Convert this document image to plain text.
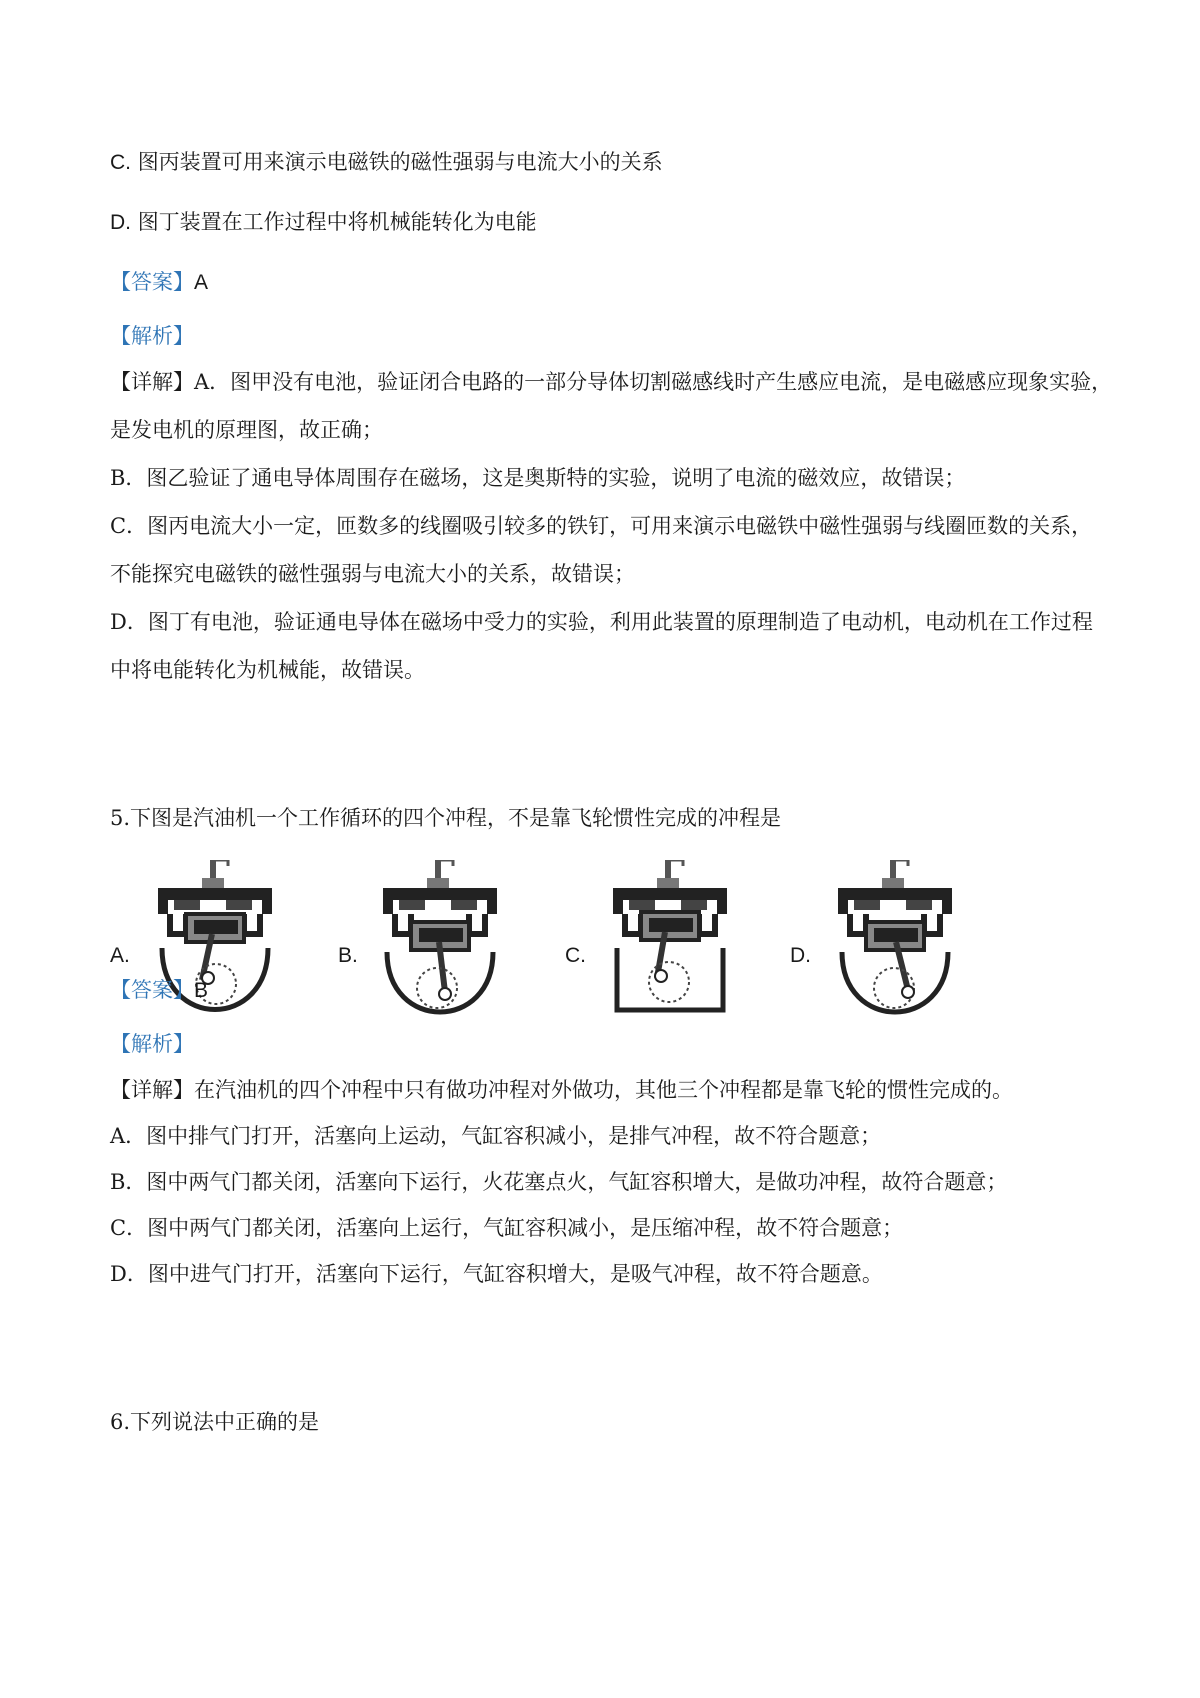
C. 图丙装置可用来演示电磁铁的磁性强弱与电流大小的关系
D. 图丁装置在工作过程中将机械能转化为电能
【答案】A
【解析】
【详解】A．图甲没有电池，验证闭合电路的一部分导体切割磁感线时产生感应电流，是电磁感应现象实验，
是发电机的原理图，故正确；
B．图乙验证了通电导体周围存在磁场，这是奥斯特的实验，说明了电流的磁效应，故错误；
C．图丙电流大小一定，匝数多的线圈吸引较多的铁钉，可用来演示电磁铁中磁性强弱与线圈匝数的关系，
不能探究电磁铁的磁性强弱与电流大小的关系，故错误；
D．图丁有电池，验证通电导体在磁场中受力的实验，利用此装置的原理制造了电动机，电动机在工作过程
中将电能转化为机械能，故错误。
5.下图是汽油机一个工作循环的四个冲程，不是靠飞轮惯性完成的冲程是
A.	B.	C.	D.
【答案】B
【解析】
【详解】在汽油机的四个冲程中只有做功冲程对外做功，其他三个冲程都是靠飞轮的惯性完成的。
A．图中排气门打开，活塞向上运动，气缸容积减小，是排气冲程，故不符合题意；
B．图中两气门都关闭，活塞向下运行，火花塞点火，气缸容积增大，是做功冲程，故符合题意；
C．图中两气门都关闭，活塞向上运行，气缸容积减小，是压缩冲程，故不符合题意；
D．图中进气门打开，活塞向下运行，气缸容积增大，是吸气冲程，故不符合题意。
6.下列说法中正确的是
